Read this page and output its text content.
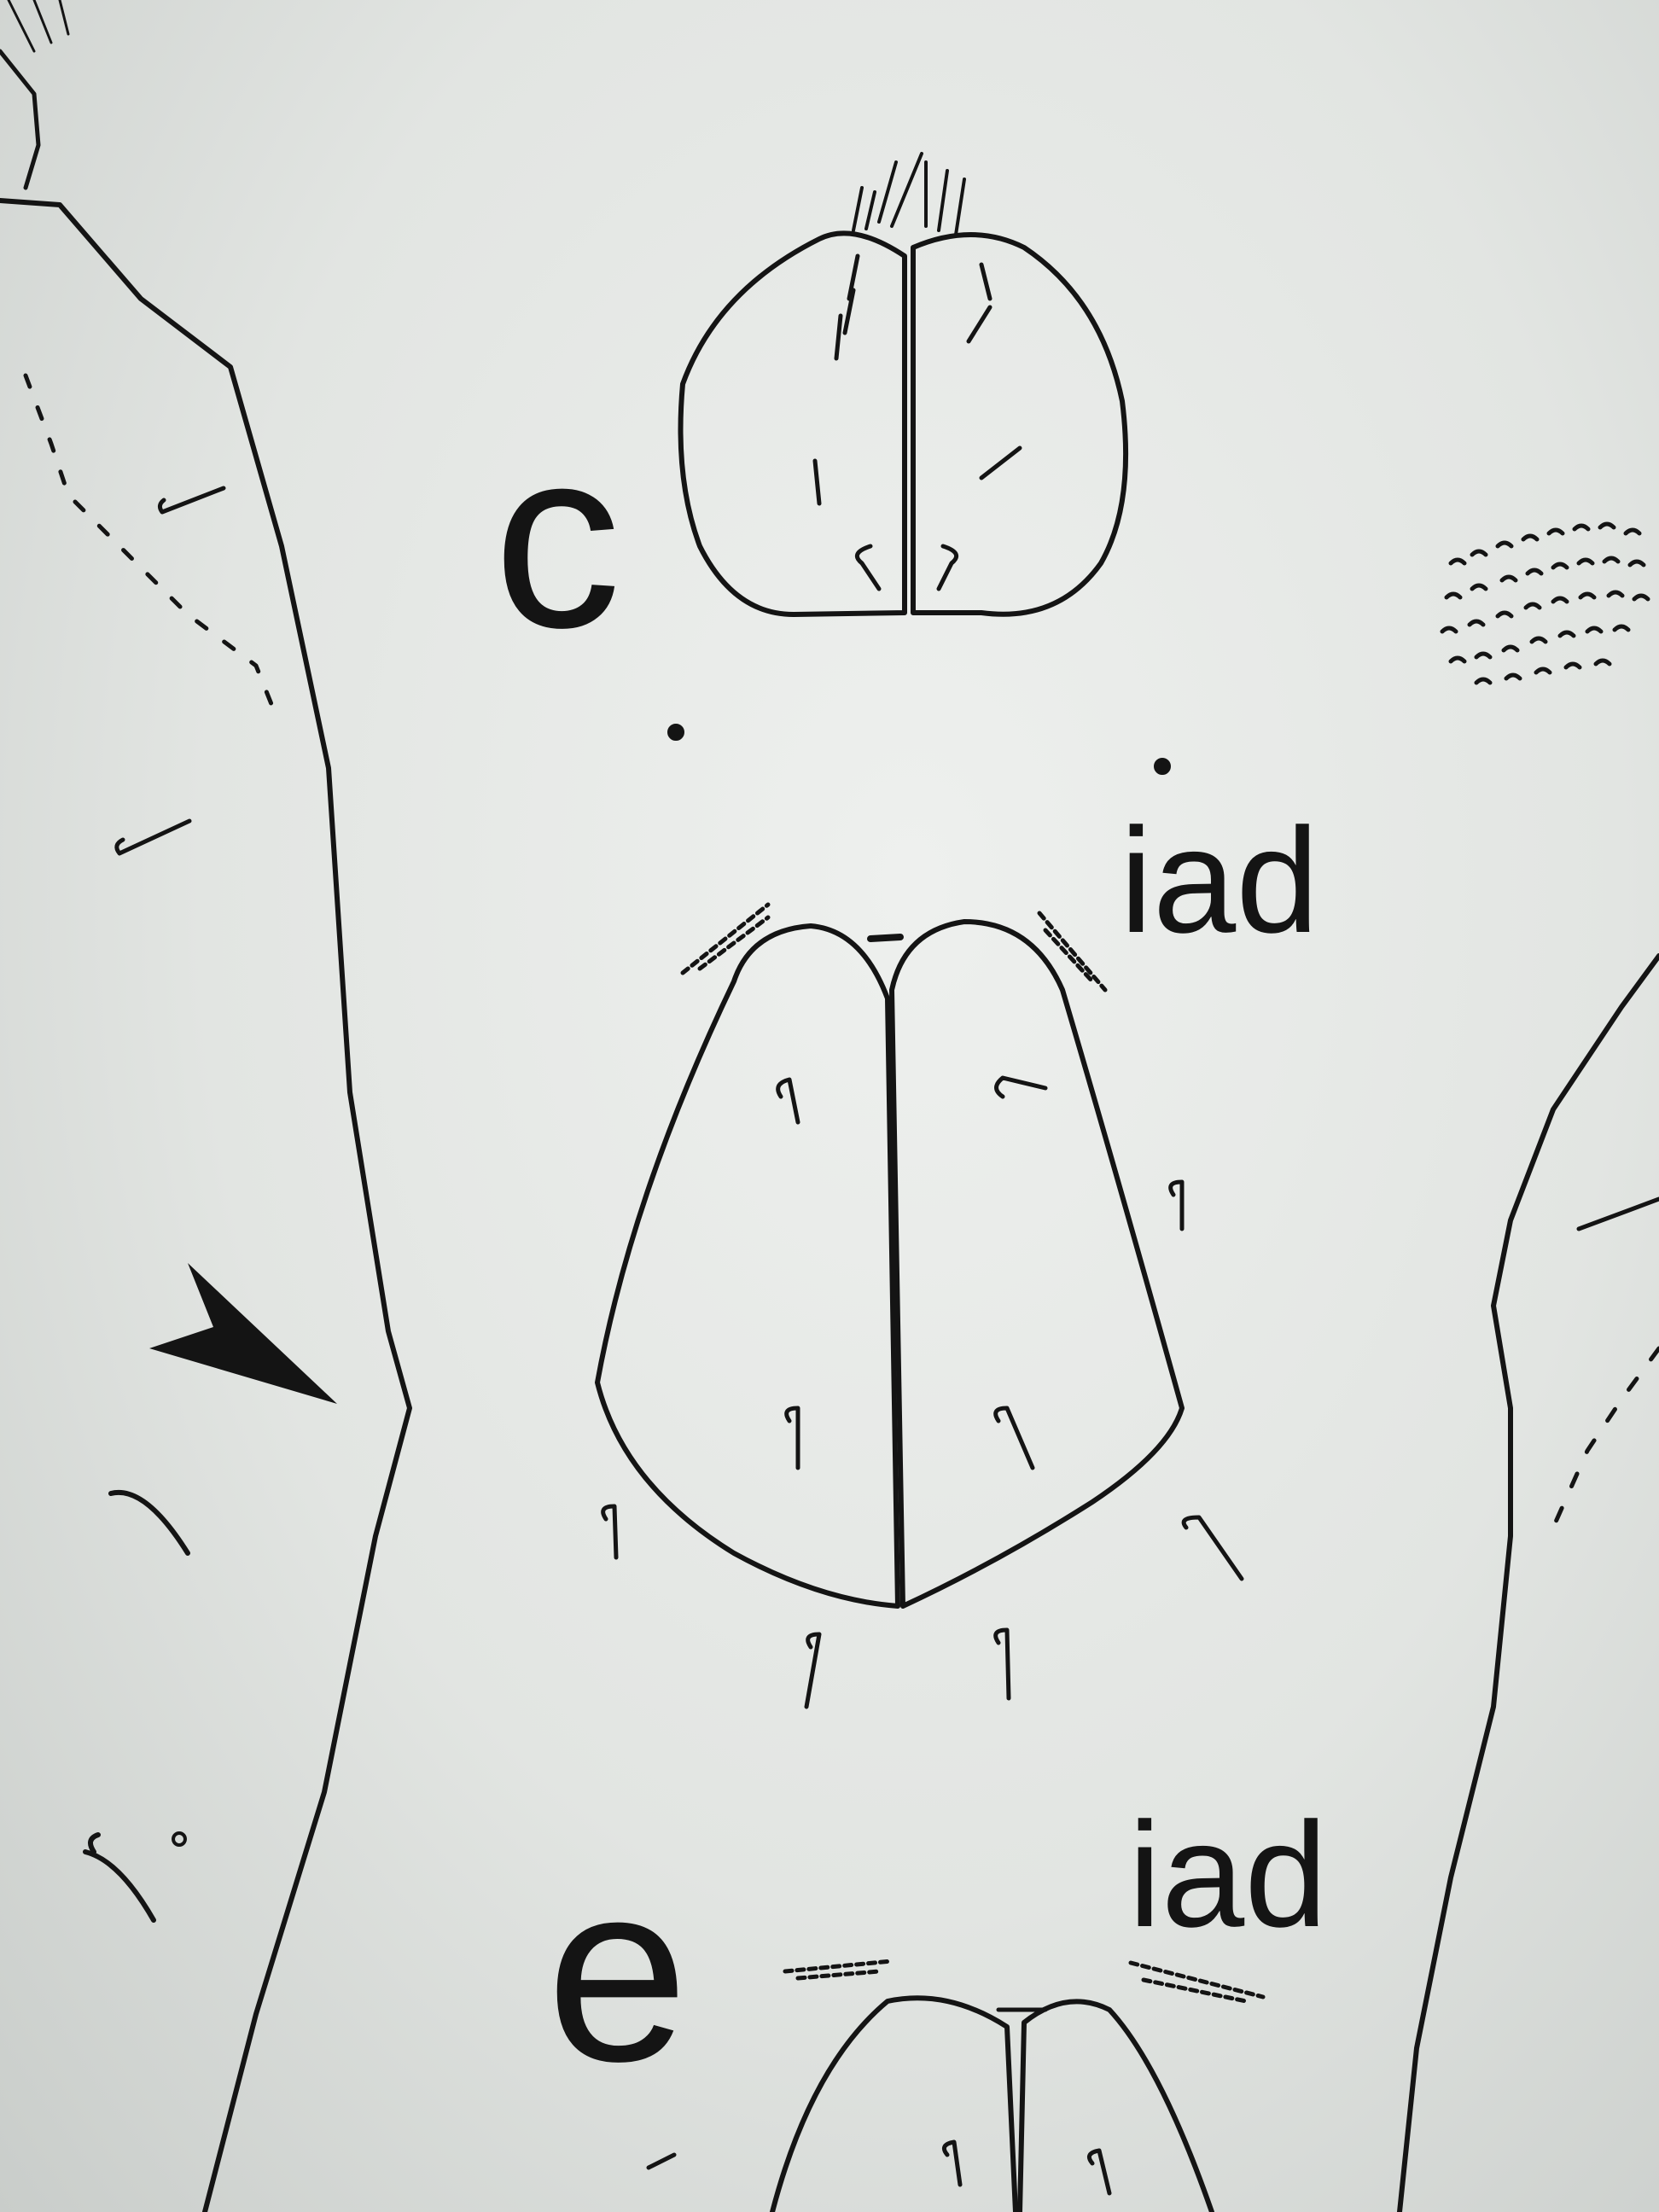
c
iad
iad
e
